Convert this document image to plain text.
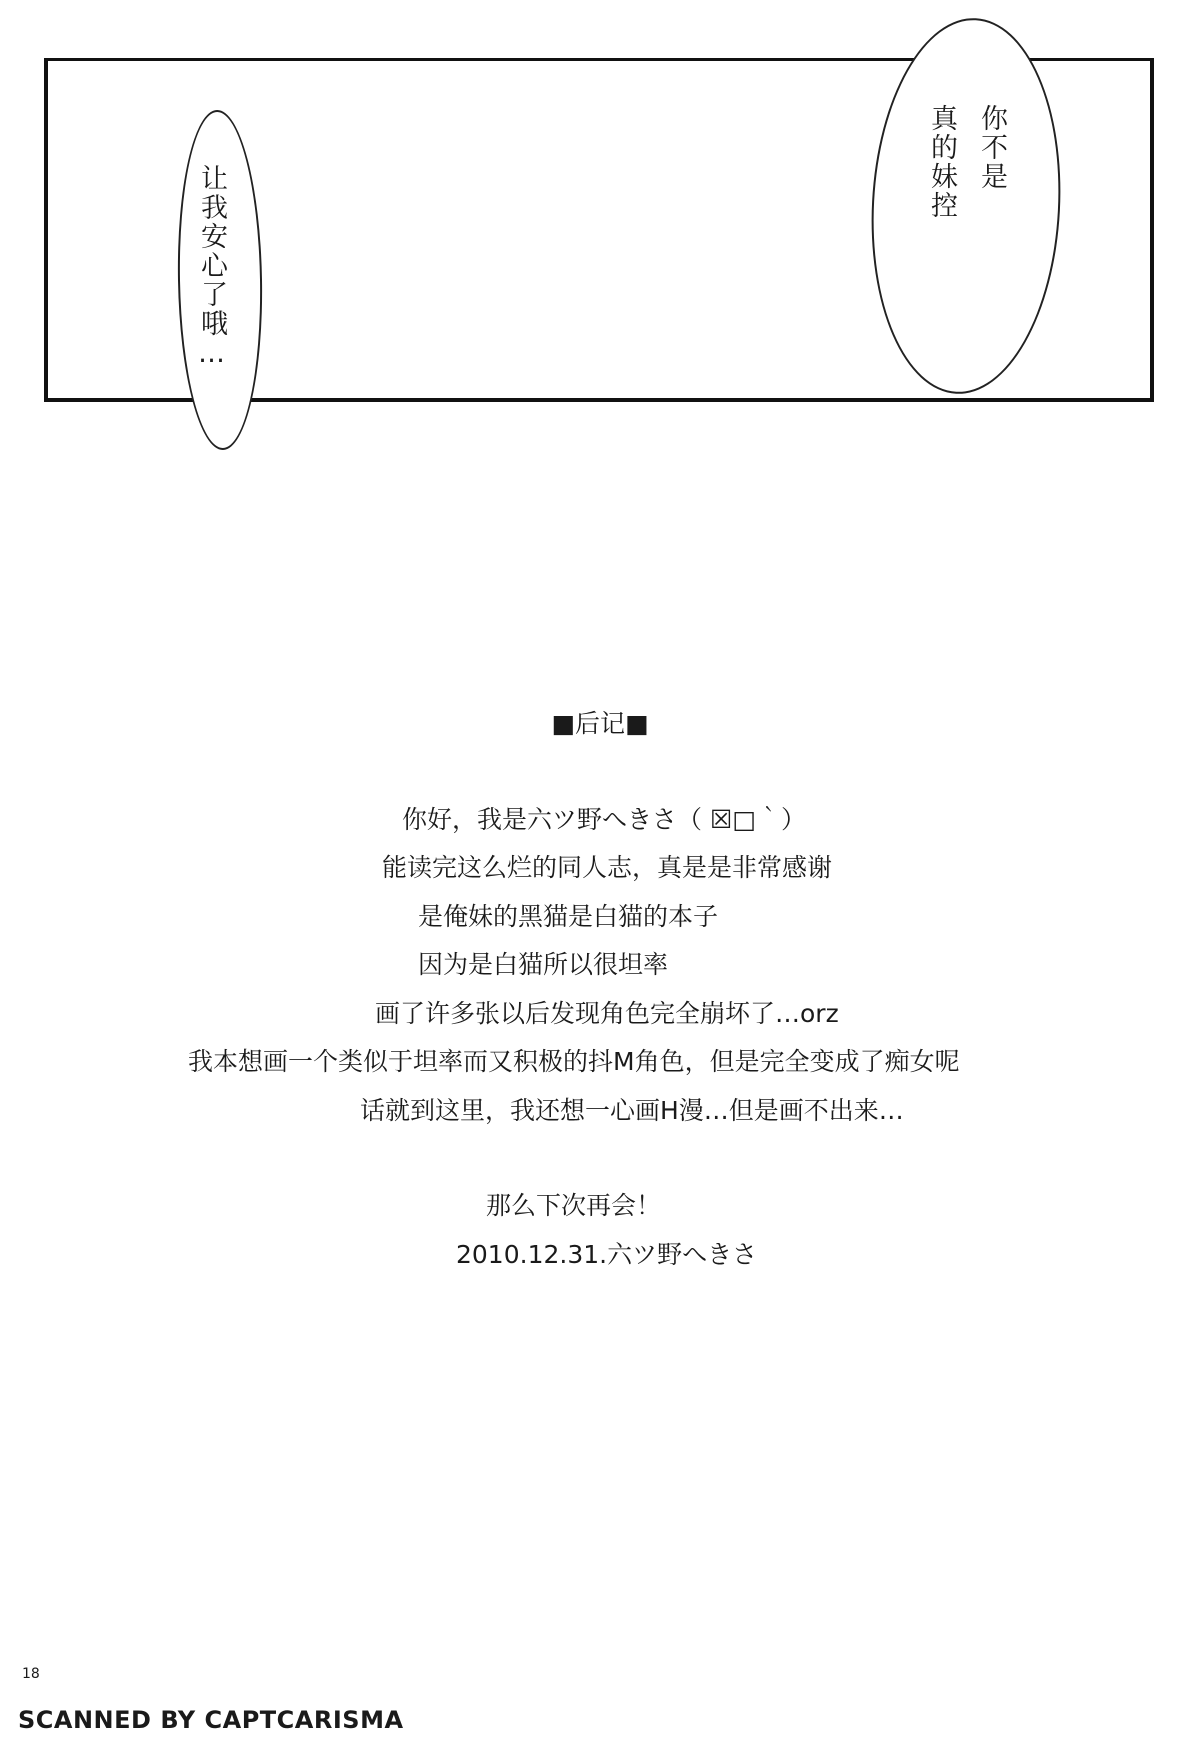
让我安心了哦…
你不是
真的妹控
■后记■
你好，我是六ツ野へきさ（ ☒□｀）
能读完这么烂的同人志，真是是非常感谢
是俺妹的黑猫是白猫的本子
因为是白猫所以很坦率
画了许多张以后发现角色完全崩坏了…orz
我本想画一个类似于坦率而又积极的抖M角色，但是完全变成了痴女呢
话就到这里，我还想一心画H漫…但是画不出来…
那么下次再会！
2010.12.31.六ツ野へきさ
18
SCANNED BY CAPTCARISMA
